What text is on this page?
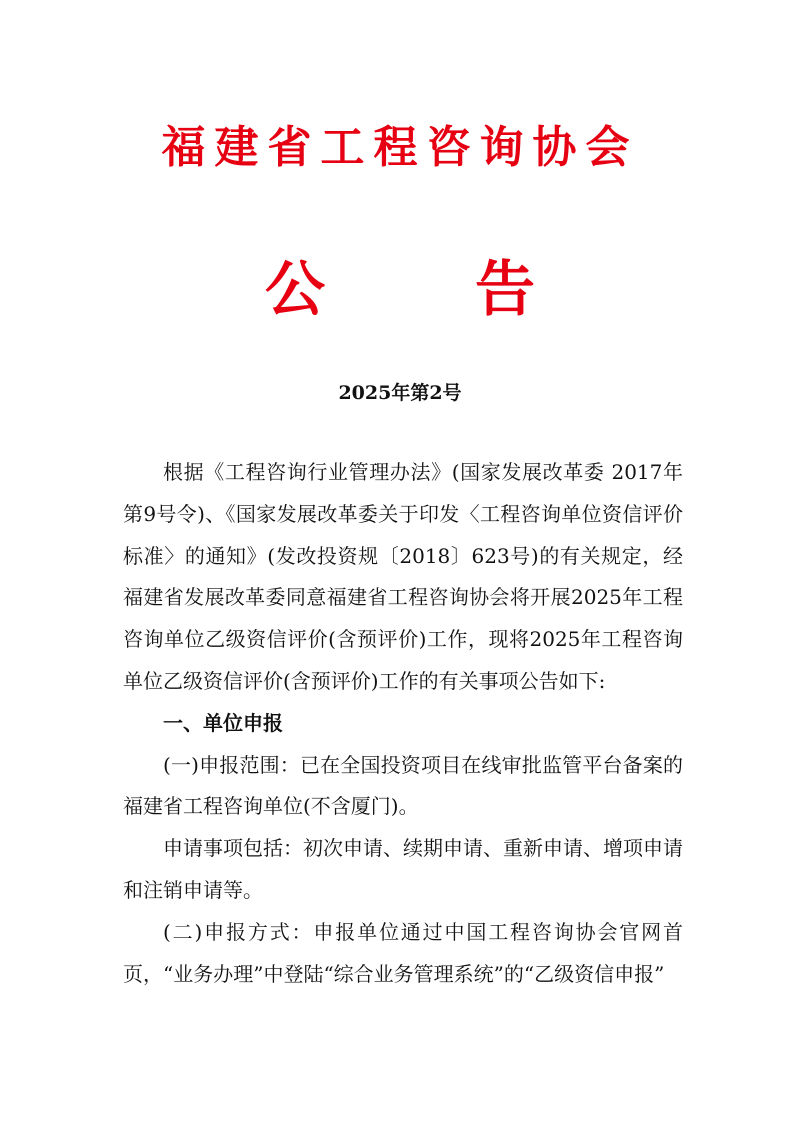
福建省工程咨询协会
公	告
2025年第2号

根据《工程咨询行业管理办法》(国家发展改革委 2017年第9号令)、《国家发展改革委关于印发〈工程咨询单位资信评价标准〉的通知》(发改投资规〔2018〕623号)的有关规定，经福建省发展改革委同意福建省工程咨询协会将开展2025年工程咨询单位乙级资信评价(含预评价)工作，现将2025年工程咨询单位乙级资信评价(含预评价)工作的有关事项公告如下:

一、单位申报

(一)申报范围：已在全国投资项目在线审批监管平台备案的福建省工程咨询单位(不含厦门)。

申请事项包括：初次申请、续期申请、重新申请、增项申请和注销申请等。

(二)申报方式：申报单位通过中国工程咨询协会官网首页，“业务办理”中登陆“综合业务管理系统”的“乙级资信申报”
